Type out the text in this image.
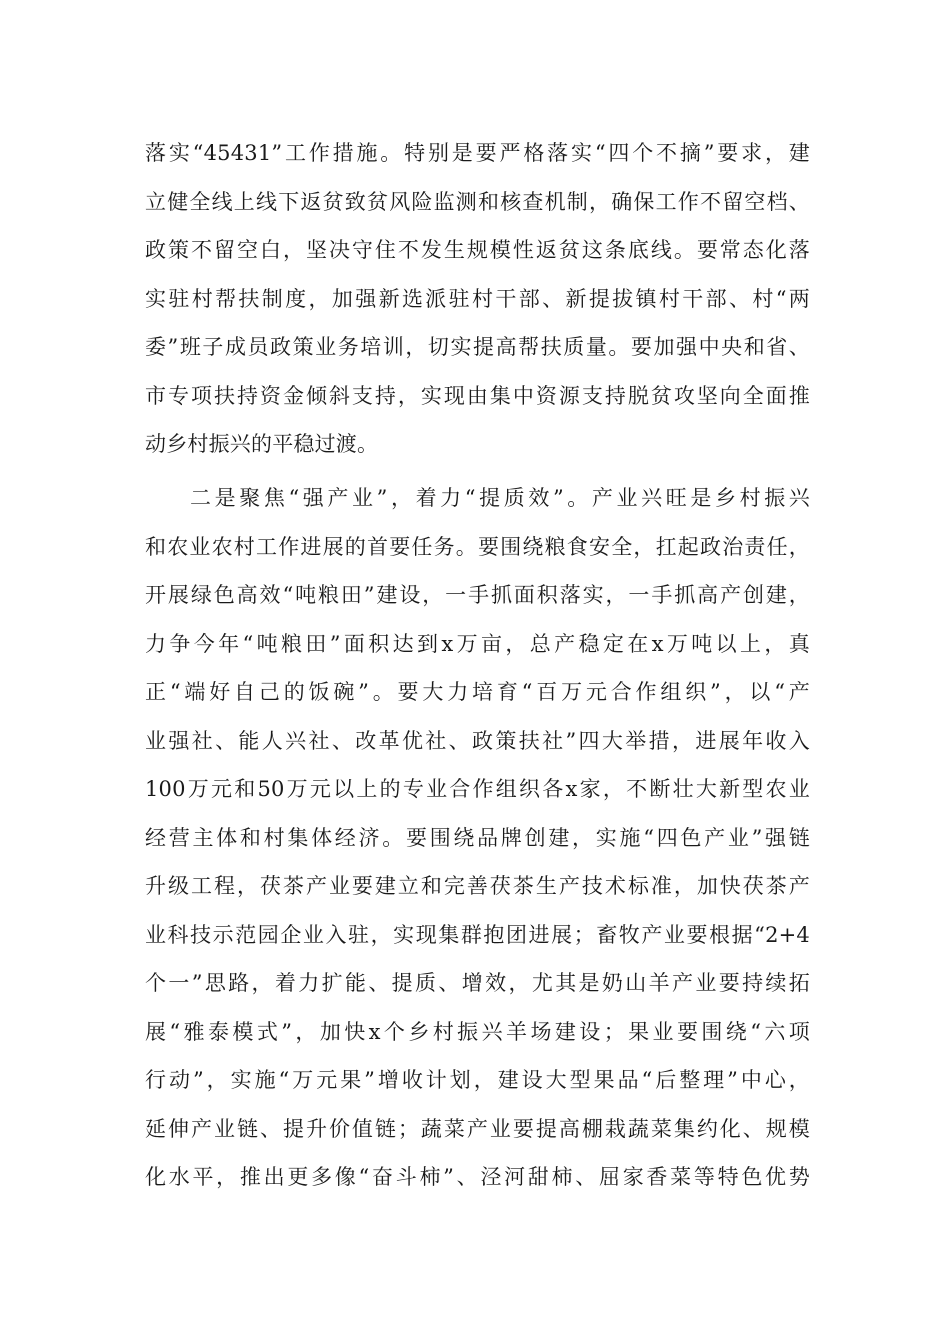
落实“45431”工作措施。特别是要严格落实“四个不摘”要求，建
立健全线上线下返贫致贫风险监测和核查机制，确保工作不留空档、
政策不留空白，坚决守住不发生规模性返贫这条底线。要常态化落
实驻村帮扶制度，加强新选派驻村干部、新提拔镇村干部、村“两
委”班子成员政策业务培训，切实提高帮扶质量。要加强中央和省、
市专项扶持资金倾斜支持，实现由集中资源支持脱贫攻坚向全面推
动乡村振兴的平稳过渡。
二是聚焦“强产业”，着力“提质效”。产业兴旺是乡村振兴
和农业农村工作进展的首要任务。要围绕粮食安全，扛起政治责任，
开展绿色高效“吨粮田”建设，一手抓面积落实，一手抓高产创建，
力争今年“吨粮田”面积达到x万亩，总产稳定在x万吨以上，真
正“端好自己的饭碗”。要大力培育“百万元合作组织”，以“产
业强社、能人兴社、改革优社、政策扶社”四大举措，进展年收入
100万元和50万元以上的专业合作组织各x家，不断壮大新型农业
经营主体和村集体经济。要围绕品牌创建，实施“四色产业”强链
升级工程，茯茶产业要建立和完善茯茶生产技术标准，加快茯茶产
业科技示范园企业入驻，实现集群抱团进展；畜牧产业要根据“2+4
个一”思路，着力扩能、提质、增效，尤其是奶山羊产业要持续拓
展“雅泰模式”，加快x个乡村振兴羊场建设；果业要围绕“六项
行动”，实施“万元果”增收计划，建设大型果品“后整理”中心，
延伸产业链、提升价值链；蔬菜产业要提高棚栽蔬菜集约化、规模
化水平，推出更多像“奋斗柿”、泾河甜柿、屈家香菜等特色优势
